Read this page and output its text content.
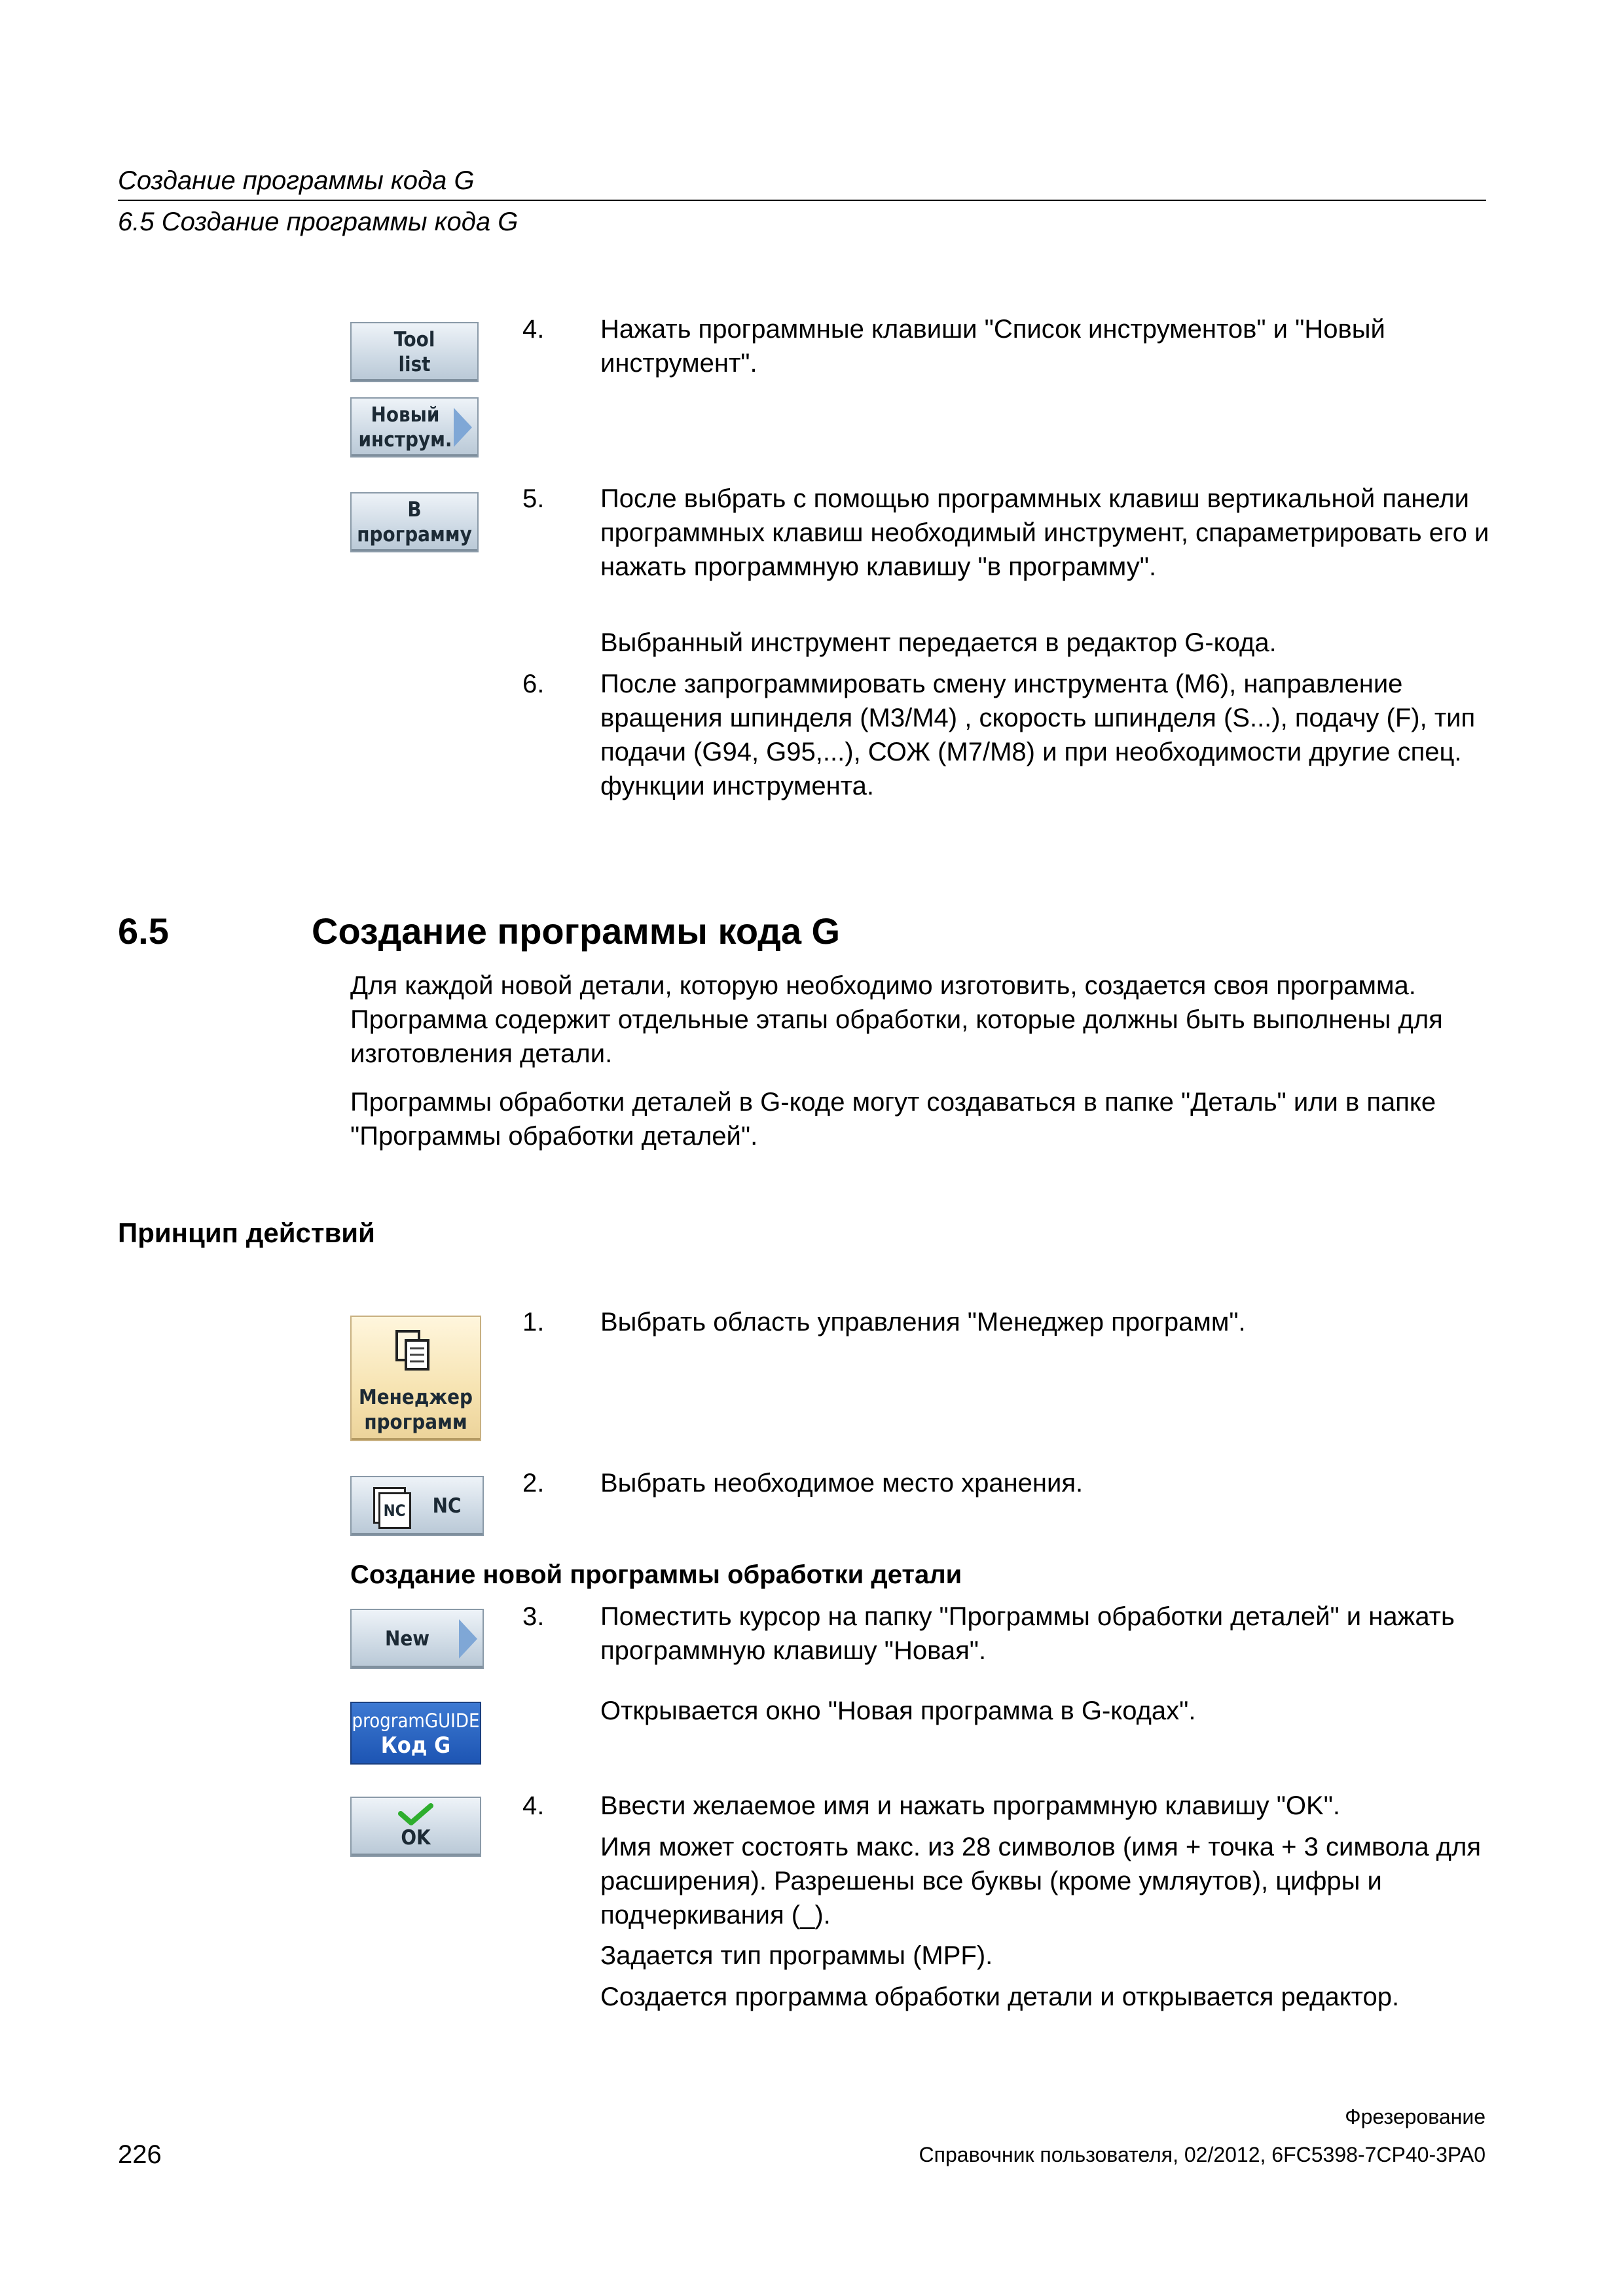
Создание программы кода G
6.5 Создание программы кода G
Tool
list
Новый
инструм.
В
программу
4. Нажать программные клавиши "Список инструментов" и "Новый инструмент".
5. После выбрать с помощью программных клавиш вертикальной панели программных клавиш необходимый инструмент, спараметрировать его и нажать программную клавишу "в программу".
Выбранный инструмент передается в редактор G-кода.
6. После запрограммировать смену инструмента (M6), направление вращения шпинделя (M3/M4) , скорость шпинделя (S...), подачу (F), тип подачи (G94, G95,...), СОЖ (M7/M8) и при необходимости другие спец. функции инструмента.
6.5	Создание программы кода G
Для каждой новой детали, которую необходимо изготовить, создается своя программа. Программа содержит отдельные этапы обработки, которые должны быть выполнены для изготовления детали.
Программы обработки деталей в G-коде могут создаваться в папке "Деталь" или в папке "Программы обработки деталей".
Принцип действий
Менеджер
программ
NC NC
1. Выбрать область управления "Менеджер программ".
2. Выбрать необходимое место хранения.
Создание новой программы обработки детали
New
programGUIDE
Код G
OK
3. Поместить курсор на папку "Программы обработки деталей" и нажать программную клавишу "Новая".
Открывается окно "Новая программа в G-кодах".
4. Ввести желаемое имя и нажать программную клавишу "OK".
Имя может состоять макс. из 28 символов (имя + точка + 3 символа для расширения). Разрешены все буквы (кроме умляутов), цифры и подчеркивания (_).
Задается тип программы (MPF).
Создается программа обработки детали и открывается редактор.
Фрезерование
226	Справочник пользователя, 02/2012, 6FC5398-7CP40-3PA0
